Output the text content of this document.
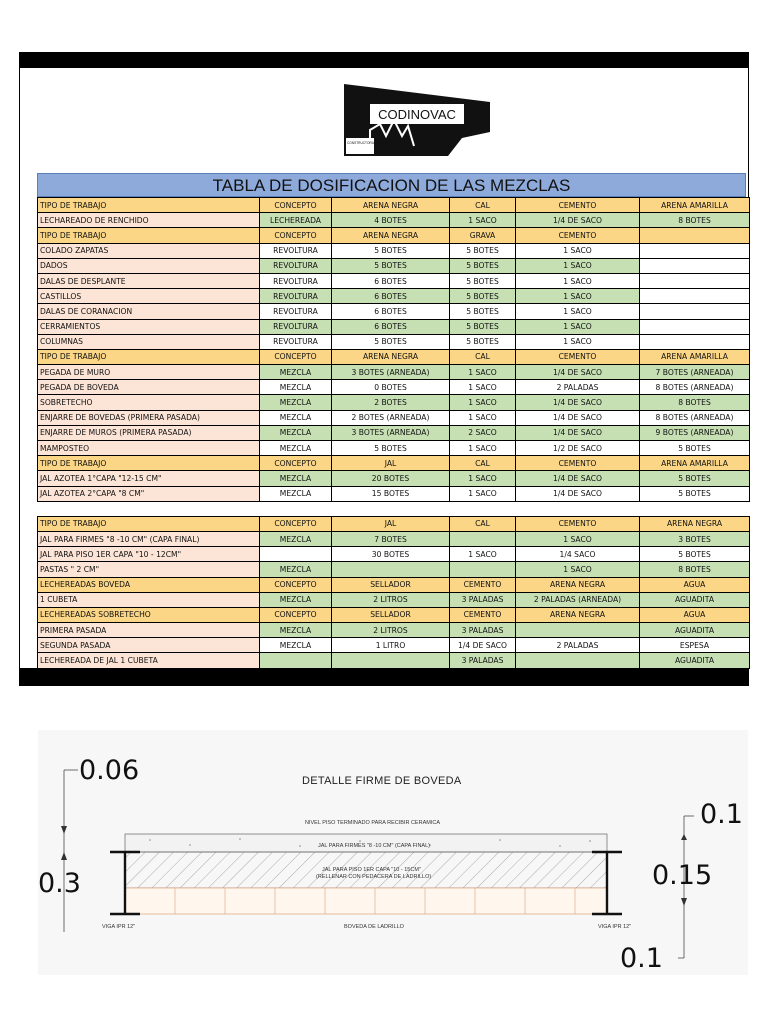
CODINOVAC
CONSTRUCTORA DE LOS ALTOS
TABLA DE DOSIFICACION DE LAS MEZCLAS
TIPO DE TRABAJO	CONCEPTO	ARENA NEGRA	CAL	CEMENTO	ARENA AMARILLA
LECHAREADO DE RENCHIDO	LECHEREADA	4 BOTES	1 SACO	1/4 DE SACO	8 BOTES
TIPO DE TRABAJO	CONCEPTO	ARENA NEGRA	GRAVA	CEMENTO	
COLADO ZAPATAS	REVOLTURA	5 BOTES	5 BOTES	1 SACO	
DADOS	REVOLTURA	5 BOTES	5 BOTES	1 SACO	
DALAS DE DESPLANTE	REVOLTURA	6 BOTES	5 BOTES	1 SACO	
CASTILLOS	REVOLTURA	6 BOTES	5 BOTES	1 SACO	
DALAS DE CORANACION	REVOLTURA	6 BOTES	5 BOTES	1 SACO	
CERRAMIENTOS	REVOLTURA	6 BOTES	5 BOTES	1 SACO	
COLUMNAS	REVOLTURA	5 BOTES	5 BOTES	1 SACO	
TIPO DE TRABAJO	CONCEPTO	ARENA NEGRA	CAL	CEMENTO	ARENA AMARILLA
PEGADA DE MURO	MEZCLA	3 BOTES (ARNEADA)	1 SACO	1/4 DE SACO	7 BOTES (ARNEADA)
PEGADA DE BOVEDA	MEZCLA	0 BOTES	1 SACO	2 PALADAS	8 BOTES (ARNEADA)
SOBRETECHO	MEZCLA	2 BOTES	1 SACO	1/4 DE SACO	8 BOTES
ENJARRE DE BOVEDAS (PRIMERA PASADA)	MEZCLA	2 BOTES (ARNEADA)	1 SACO	1/4 DE SACO	8 BOTES (ARNEADA)
ENJARRE DE MUROS (PRIMERA PASADA)	MEZCLA	3 BOTES (ARNEADA)	2 SACO	1/4 DE SACO	9 BOTES (ARNEADA)
MAMPOSTEO	MEZCLA	5 BOTES	1 SACO	1/2 DE SACO	5 BOTES
TIPO DE TRABAJO	CONCEPTO	JAL	CAL	CEMENTO	ARENA AMARILLA
JAL AZOTEA 1°CAPA "12-15 CM"	MEZCLA	20 BOTES	1 SACO	1/4 DE SACO	5 BOTES
JAL AZOTEA 2°CAPA "8 CM"	MEZCLA	15 BOTES	1 SACO	1/4 DE SACO	5 BOTES

TIPO DE TRABAJO	CONCEPTO	JAL	CAL	CEMENTO	ARENA NEGRA
JAL PARA FIRMES "8 -10 CM" (CAPA FINAL)	MEZCLA	7 BOTES		1 SACO	3 BOTES
JAL PARA PISO 1ER CAPA "10 - 12CM"		30 BOTES	1 SACO	1/4 SACO	5 BOTES
PASTAS " 2 CM"	MEZCLA			1 SACO	8 BOTES
LECHEREADAS BOVEDA	CONCEPTO	SELLADOR	CEMENTO	ARENA NEGRA	AGUA
1 CUBETA	MEZCLA	2 LITROS	3 PALADAS	2 PALADAS (ARNEADA)	AGUADITA
LECHEREADAS SOBRETECHO	CONCEPTO	SELLADOR	CEMENTO	ARENA NEGRA	AGUA
PRIMERA PASADA	MEZCLA	2 LITROS	3 PALADAS		AGUADITA
SEGUNDA PASADA	MEZCLA	1 LITRO	1/4 DE SACO	2 PALADAS	ESPESA
LECHEREADA DE JAL 1 CUBETA			3 PALADAS		AGUADITA
0.06
0.3
0.1
0.15
0.1
DETALLE FIRME DE BOVEDA
NIVEL PISO TERMINADO PARA RECIBIR CERAMICA
JAL PARA FIRMES "8 -10 CM" (CAPA FINAL)
JAL PARA PISO 1ER CAPA "10 - 15CM"
(RELLENAR CON PEDACERA DE LADRILLO)
VIGA IPR 12"	BOVEDA DE LADRILLO	VIGA IPR 12"
